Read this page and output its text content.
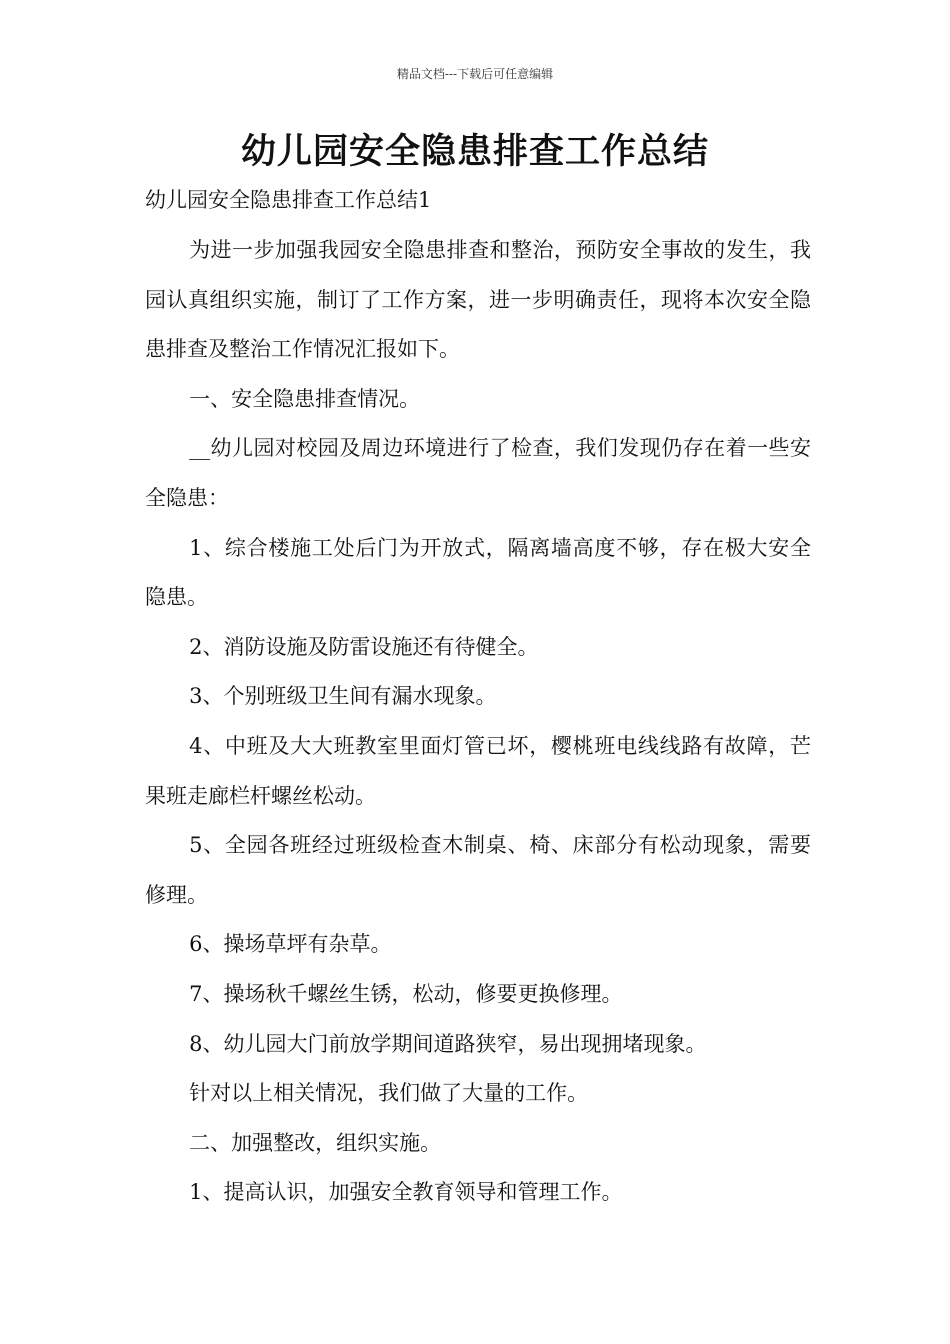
精品文档---下载后可任意编辑
幼儿园安全隐患排查工作总结
幼儿园安全隐患排查工作总结1

为进一步加强我园安全隐患排查和整治，预防安全事故的发生，我园认真组织实施，制订了工作方案，进一步明确责任，现将本次安全隐患排查及整治工作情况汇报如下。

一、安全隐患排查情况。

__幼儿园对校园及周边环境进行了检查，我们发现仍存在着一些安全隐患：

1、综合楼施工处后门为开放式，隔离墙高度不够，存在极大安全隐患。

2、消防设施及防雷设施还有待健全。

3、个别班级卫生间有漏水现象。

4、中班及大大班教室里面灯管已坏，樱桃班电线线路有故障，芒果班走廊栏杆螺丝松动。

5、全园各班经过班级检查木制桌、椅、床部分有松动现象，需要修理。

6、操场草坪有杂草。

7、操场秋千螺丝生锈，松动，修要更换修理。

8、幼儿园大门前放学期间道路狭窄，易出现拥堵现象。

针对以上相关情况，我们做了大量的工作。

二、加强整改，组织实施。

1、提高认识，加强安全教育领导和管理工作。
